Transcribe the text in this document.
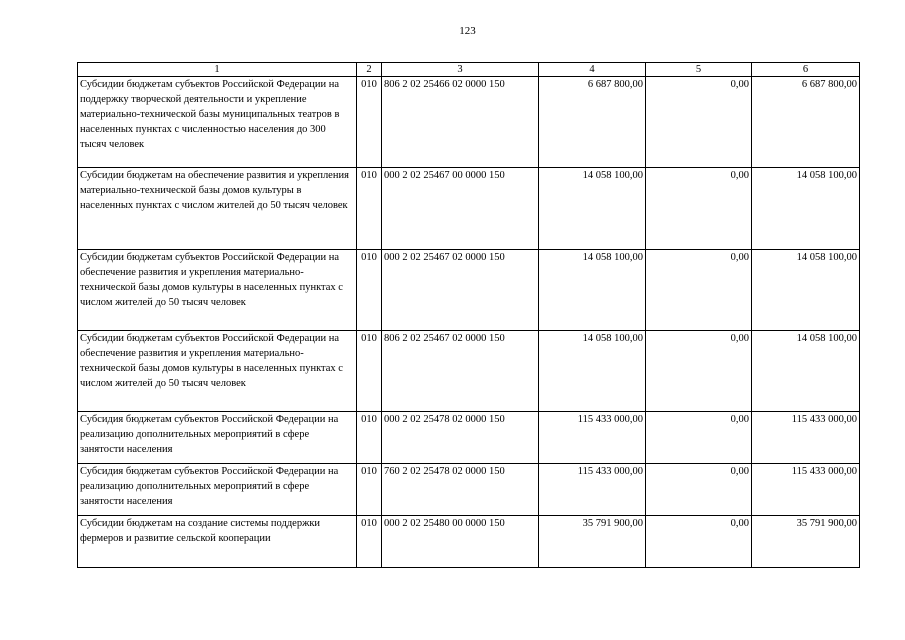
123
1	2	3	4	5	6
Субсидии бюджетам субъектов Российской Федерации на поддержку творческой деятельности и укрепление материально-технической базы муниципальных театров в населенных пунктах с численностью населения до 300 тысяч человек	010	806 2 02 25466 02 0000 150	6 687 800,00	0,00	6 687 800,00
Субсидии бюджетам на обеспечение развития и укрепления материально-технической базы домов культуры в населенных пунктах с числом жителей до 50 тысяч человек	010	000 2 02 25467 00 0000 150	14 058 100,00	0,00	14 058 100,00
Субсидии бюджетам субъектов Российской Федерации на обеспечение развития и укрепления материально-технической базы домов культуры в населенных пунктах с числом жителей до 50 тысяч человек	010	000 2 02 25467 02 0000 150	14 058 100,00	0,00	14 058 100,00
Субсидии бюджетам субъектов Российской Федерации на обеспечение развития и укрепления материально-технической базы домов культуры в населенных пунктах с числом жителей до 50 тысяч человек	010	806 2 02 25467 02 0000 150	14 058 100,00	0,00	14 058 100,00
Субсидия бюджетам субъектов Российской Федерации на реализацию дополнительных мероприятий в сфере занятости населения	010	000 2 02 25478 02 0000 150	115 433 000,00	0,00	115 433 000,00
Субсидия бюджетам субъектов Российской Федерации на реализацию дополнительных мероприятий в сфере занятости населения	010	760 2 02 25478 02 0000 150	115 433 000,00	0,00	115 433 000,00
Субсидии бюджетам на создание системы поддержки фермеров и развитие сельской кооперации	010	000 2 02 25480 00 0000 150	35 791 900,00	0,00	35 791 900,00
